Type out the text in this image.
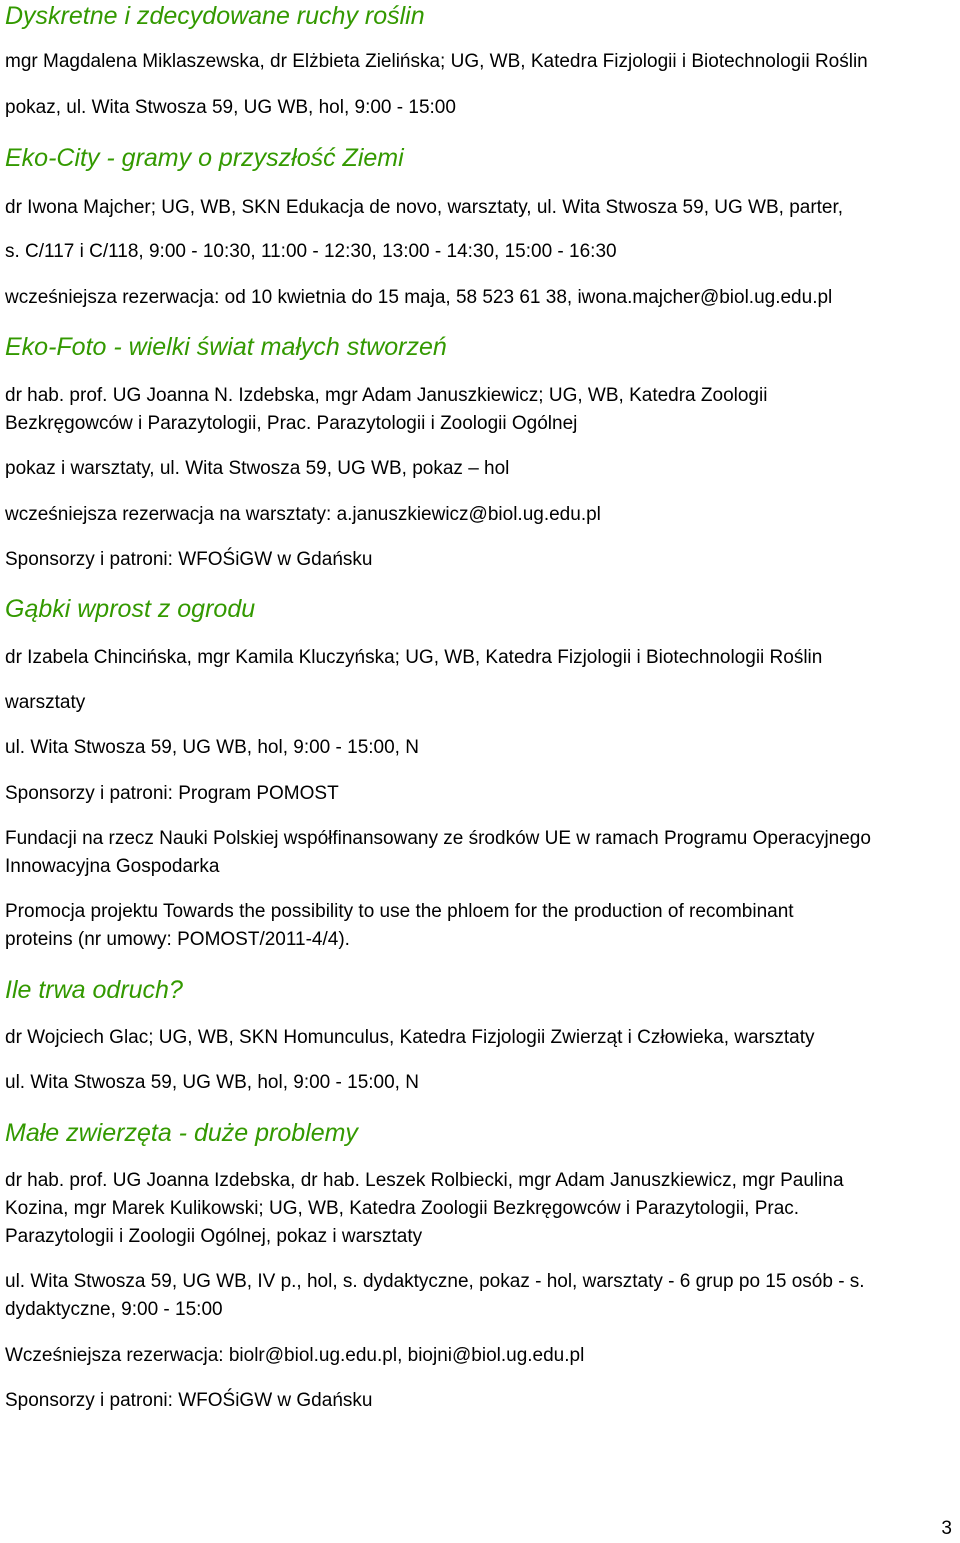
Dyskretne i zdecydowane ruchy roślin

mgr Magdalena Miklaszewska, dr Elżbieta Zielińska; UG, WB, Katedra Fizjologii i Biotechnologii Roślin

pokaz, ul. Wita Stwosza 59, UG WB, hol, 9:00 - 15:00

Eko-City - gramy o przyszłość Ziemi

dr Iwona Majcher; UG, WB, SKN Edukacja de novo, warsztaty, ul. Wita Stwosza 59, UG WB, parter,

s. C/117 i C/118, 9:00 - 10:30, 11:00 - 12:30, 13:00 - 14:30, 15:00 - 16:30

wcześniejsza rezerwacja: od 10 kwietnia do 15 maja, 58 523 61 38, iwona.majcher@biol.ug.edu.pl

Eko-Foto - wielki świat małych stworzeń

dr hab. prof. UG Joanna N. Izdebska, mgr Adam Januszkiewicz; UG, WB, Katedra Zoologii

Bezkręgowców i Parazytologii, Prac. Parazytologii i Zoologii Ogólnej

pokaz i warsztaty, ul. Wita Stwosza 59, UG WB, pokaz – hol

wcześniejsza rezerwacja na warsztaty: a.januszkiewicz@biol.ug.edu.pl

Sponsorzy i patroni: WFOŚiGW w Gdańsku

Gąbki wprost z ogrodu

dr Izabela Chincińska, mgr Kamila Kluczyńska; UG, WB, Katedra Fizjologii i Biotechnologii Roślin

warsztaty

ul. Wita Stwosza 59, UG WB, hol, 9:00 - 15:00, N

Sponsorzy i patroni: Program POMOST

Fundacji na rzecz Nauki Polskiej współfinansowany ze środków UE w ramach Programu Operacyjnego

Innowacyjna Gospodarka

Promocja projektu Towards the possibility to use the phloem for the production of recombinant

proteins (nr umowy: POMOST/2011-4/4).

Ile trwa odruch?

dr Wojciech Glac; UG, WB, SKN Homunculus, Katedra Fizjologii Zwierząt i Człowieka, warsztaty

ul. Wita Stwosza 59, UG WB, hol, 9:00 - 15:00, N

Małe zwierzęta - duże problemy

dr hab. prof. UG Joanna Izdebska, dr hab. Leszek Rolbiecki, mgr Adam Januszkiewicz, mgr Paulina

Kozina, mgr Marek Kulikowski; UG, WB, Katedra Zoologii Bezkręgowców i Parazytologii, Prac.

Parazytologii i Zoologii Ogólnej, pokaz i warsztaty

ul. Wita Stwosza 59, UG WB, IV p., hol, s. dydaktyczne, pokaz - hol, warsztaty - 6 grup po 15 osób - s.

dydaktyczne, 9:00 - 15:00

Wcześniejsza rezerwacja: biolr@biol.ug.edu.pl, biojni@biol.ug.edu.pl

Sponsorzy i patroni: WFOŚiGW w Gdańsku

3
